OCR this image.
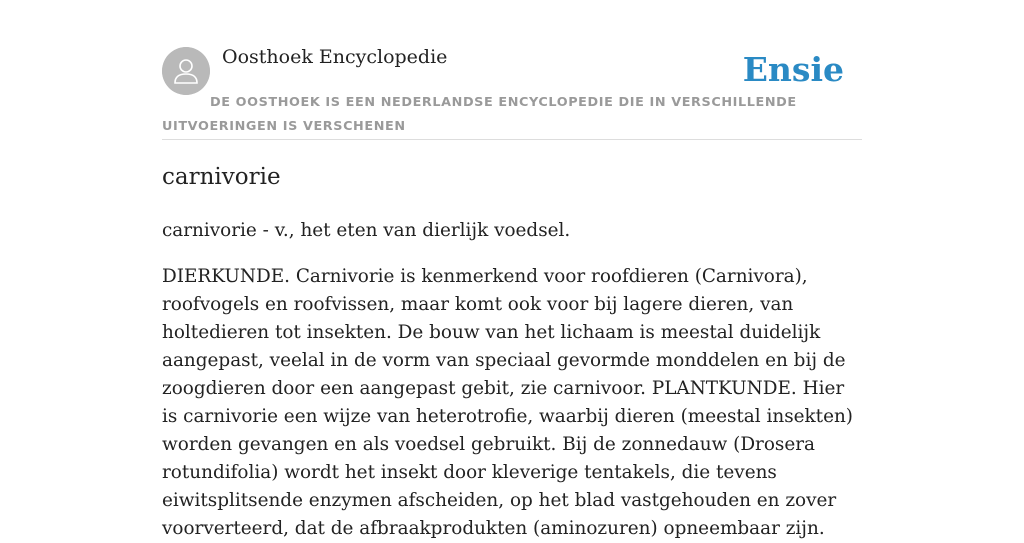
Oosthoek Encyclopedie	Ensie
DE OOSTHOEK IS EEN NEDERLANDSE ENCYCLOPEDIE DIE IN VERSCHILLENDE UITVOERINGEN IS VERSCHENEN
carnivorie

carnivorie - v., het eten van dierlijk voedsel.

DIERKUNDE. Carnivorie is kenmerkend voor roofdieren (Carnivora), roofvogels en roofvissen, maar komt ook voor bij lagere dieren, van holtedieren tot insekten. De bouw van het lichaam is meestal duidelijk aangepast, veelal in de vorm van speciaal gevormde monddelen en bij de zoogdieren door een aangepast gebit, zie carnivoor. PLANTKUNDE. Hier is carnivorie een wijze van heterotrofie, waarbij dieren (meestal insekten) worden gevangen en als voedsel gebruikt. Bij de zonnedauw (Drosera rotundifolia) wordt het insekt door kleverige tentakels, die tevens eiwitsplitsende enzymen afscheiden, op het blad vastgehouden en zover voorverteerd, dat de afbraakprodukten (aminozuren) opneembaar zijn.
